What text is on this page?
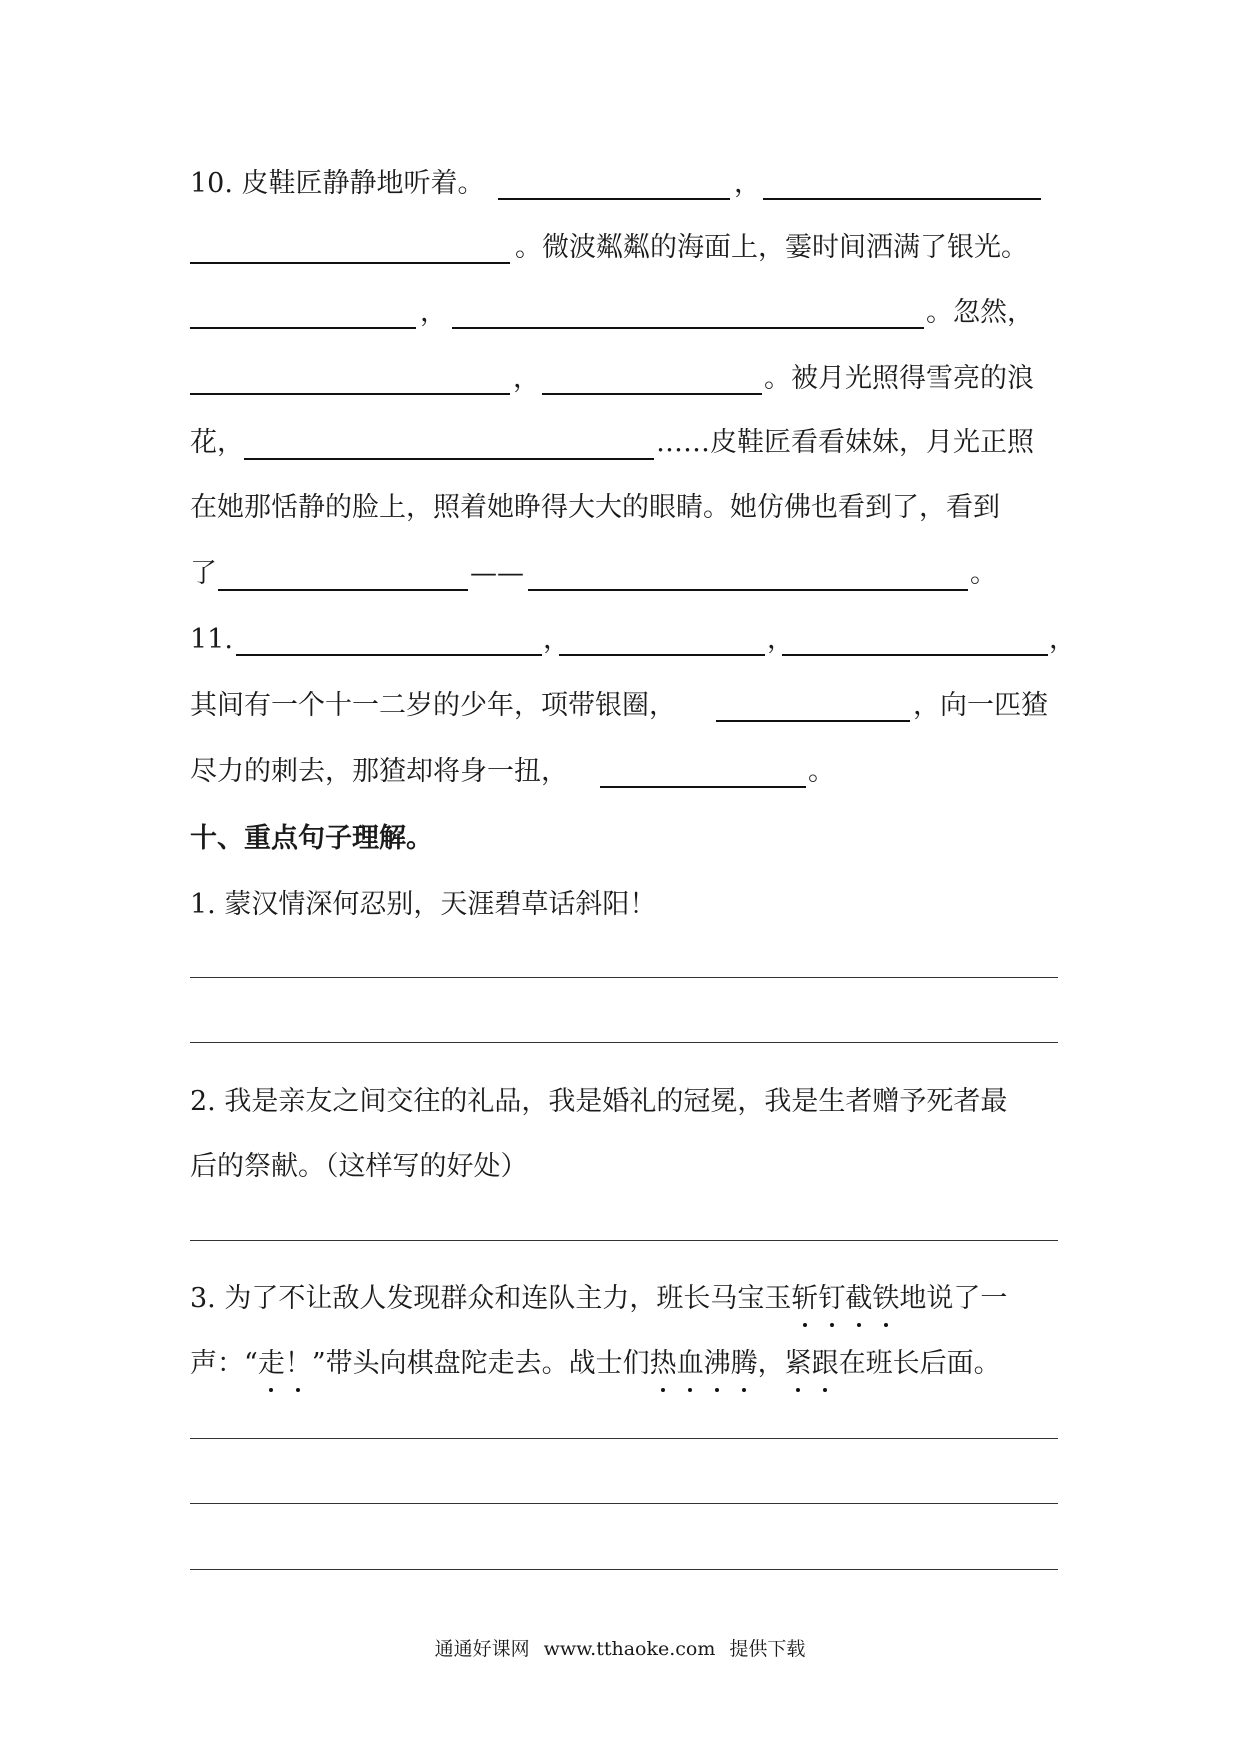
10. 皮鞋匠静静地听着。	，
。微波粼粼的海面上，霎时间洒满了银光。
，	。忽然，
，	。被月光照得雪亮的浪
花，	……皮鞋匠看看妹妹，月光正照
在她那恬静的脸上，照着她睁得大大的眼睛。她仿佛也看到了，看到
了	——	。
11.	，	，	，
其间有一个十一二岁的少年，项带银圈，	，向一匹猹
尽力的刺去，那猹却将身一扭，	。
十、重点句子理解。
1. 蒙汉情深何忍别，天涯碧草话斜阳！
2. 我是亲友之间交往的礼品，我是婚礼的冠冕，我是生者赠予死者最
后的祭献。（这样写的好处）
3. 为了不让敌人发现群众和连队主力，班长马宝玉斩钉截铁地说了一
声：“走！”带头向棋盘陀走去。战士们热血沸腾，紧跟在班长后面。
通通好课网 www.tthaoke.com 提供下载
